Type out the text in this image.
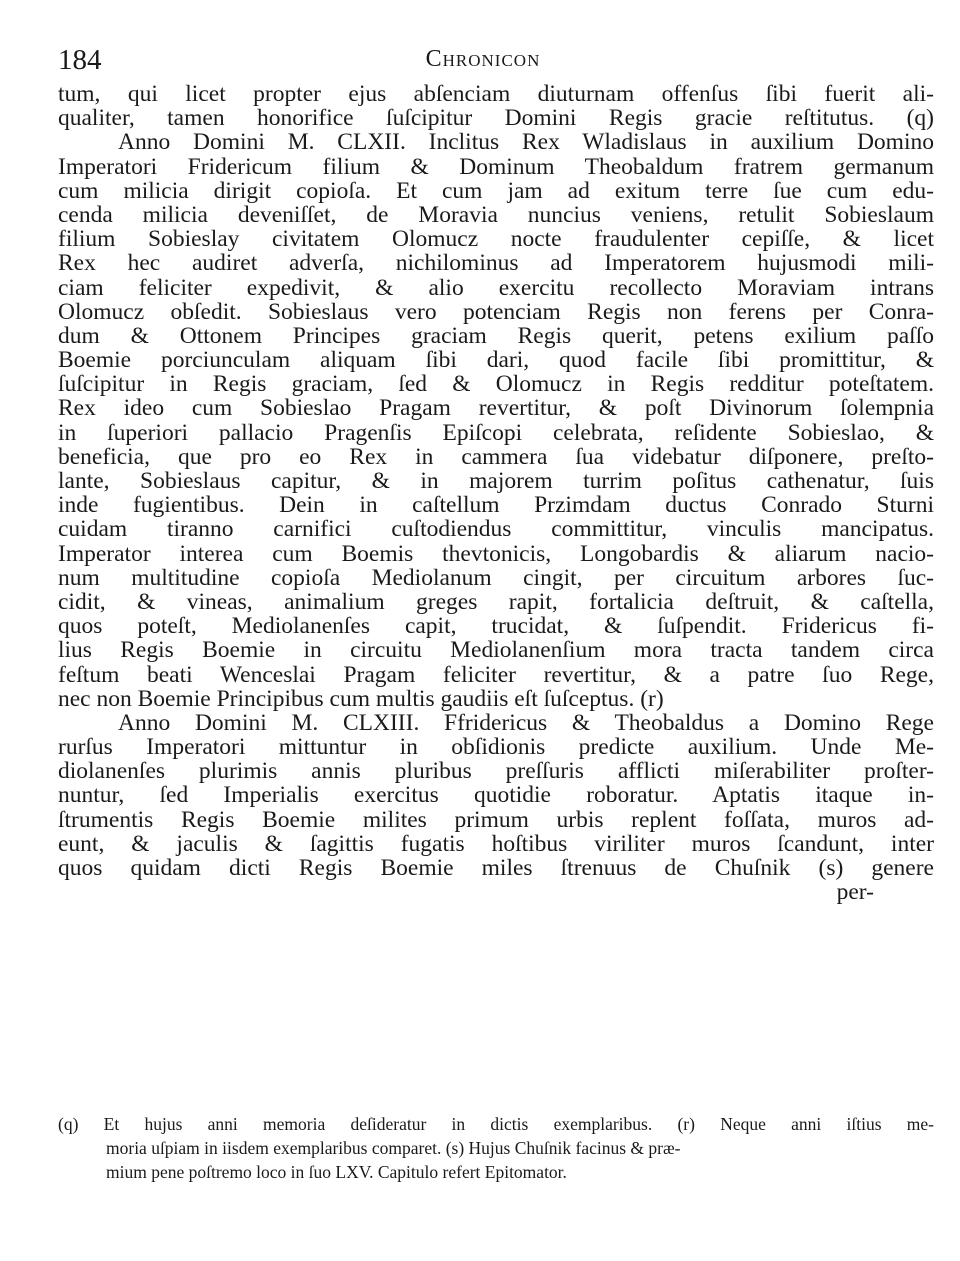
184	Chronicon
tum, qui licet propter ejus abſenciam diuturnam offenſus ſibi fuerit ali-
qualiter, tamen honorifice ſuſcipitur Domini Regis gracie reſtitutus. (q)
Anno Domini M. CLXII. Inclitus Rex Wladislaus in auxilium Domino
Imperatori Fridericum filium & Dominum Theobaldum fratrem germanum
cum milicia dirigit copioſa. Et cum jam ad exitum terre ſue cum edu-
cenda milicia deveniſſet, de Moravia nuncius veniens, retulit Sobieslaum
filium Sobieslay civitatem Olomucz nocte fraudulenter cepiſſe, & licet
Rex hec audiret adverſa, nichilominus ad Imperatorem hujusmodi mili-
ciam feliciter expedivit, & alio exercitu recollecto Moraviam intrans
Olomucz obſedit. Sobieslaus vero potenciam Regis non ferens per Conra-
dum & Ottonem Principes graciam Regis querit, petens exilium paſſo
Boemie porciunculam aliquam ſibi dari, quod facile ſibi promittitur, &
ſuſcipitur in Regis graciam, ſed & Olomucz in Regis redditur poteſtatem.
Rex ideo cum Sobieslao Pragam revertitur, & poſt Divinorum ſolempnia
in ſuperiori pallacio Pragenſis Epiſcopi celebrata, reſidente Sobieslao, &
beneficia, que pro eo Rex in cammera ſua videbatur diſponere, preſto-
lante, Sobieslaus capitur, & in majorem turrim poſitus cathenatur, ſuis
inde fugientibus. Dein in caſtellum Przimdam ductus Conrado Sturni
cuidam tiranno carnifici cuſtodiendus committitur, vinculis mancipatus.
Imperator interea cum Boemis thevtonicis, Longobardis & aliarum nacio-
num multitudine copioſa Mediolanum cingit, per circuitum arbores ſuc-
cidit, & vineas, animalium greges rapit, fortalicia deſtruit, & caſtella,
quos poteſt, Mediolanenſes capit, trucidat, & ſuſpendit. Fridericus fi-
lius Regis Boemie in circuitu Mediolanenſium mora tracta tandem circa
feſtum beati Wenceslai Pragam feliciter revertitur, & a patre ſuo Rege,
nec non Boemie Principibus cum multis gaudiis eſt ſuſceptus. (r)
Anno Domini M. CLXIII. Ffridericus & Theobaldus a Domino Rege
rurſus Imperatori mittuntur in obſidionis predicte auxilium. Unde Me-
diolanenſes plurimis annis pluribus preſſuris afflicti miſerabiliter proſter-
nuntur, ſed Imperialis exercitus quotidie roboratur. Aptatis itaque in-
ſtrumentis Regis Boemie milites primum urbis replent foſſata, muros ad-
eunt, & jaculis & ſagittis fugatis hoſtibus viriliter muros ſcandunt, inter
quos quidam dicti Regis Boemie miles ſtrenuus de Chuſnik (s) genere
per-
(q) Et hujus anni memoria deſideratur in dictis exemplaribus. (r) Neque anni iſtius me-
moria uſpiam in iisdem exemplaribus comparet. (s) Hujus Chuſnik facinus & præ-
mium pene poſtremo loco in ſuo LXV. Capitulo refert Epitomator.
